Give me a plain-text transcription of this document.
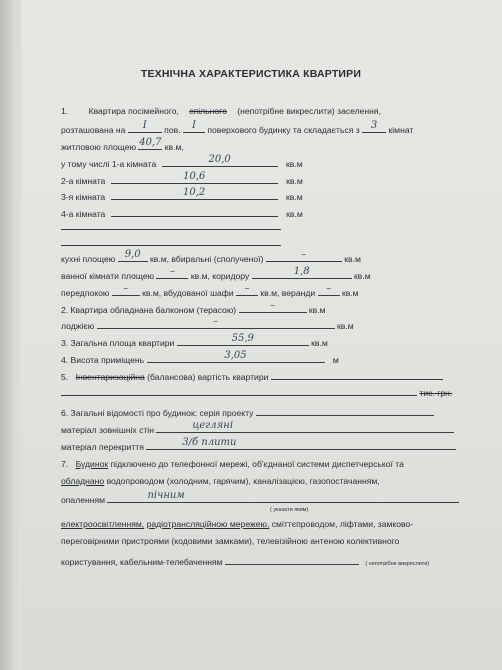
ТЕХНІЧНА ХАРАКТЕРИСТИКА КВАРТИРИ
1. Квартира посімейного, спільного (непотрібне викреслити) заселення,
розташована на	I	пов.	I	поверхового будинку та складається з	3	кімнат
житловою площею 40,7 кв.м,
у тому числі 1-а кімната	20,0	кв.м
2-а кімната	10,6	кв.м
3-я кімната	10,2	кв.м
4-а кімната	кв.м
кухні площею 9,0	кв.м, вбиральні (сполученої)	–	кв.м
ванної кімнати площею	–	кв.м, коридору	1,8	кв.м
передпокою	–	кв.м, вбудованої шафи	–	кв.м, веранди	–	кв.м
2. Квартира обладнана балконом (терасою)	–	кв.м
лоджією	–	кв.м
3. Загальна площа квартири	55,9	кв.м
4. Висота приміщень	3,05	м
5. Інвентаризаційна (балансова) вартість квартири
тис. грн.
6. Загальні відомості про будинок: серія проекту
матеріал зовнішніх стін	цегляні
матеріал перекриття	3/б плити
7. Будинок підключено до телефонної мережі, об'єднаної системи диспетчерської та
обладнано водопроводом (холодним, гарячим), каналізацією, газопостачанням,
опаленням	пічним
( указати яким)
електроосвітленням, радіотрансляційною мережею, сміттєпроводом, ліфтами, замково-
переговірними пристроями (кодовими замками), телевізійною антеною колективного
користування, кабельним-телебаченням	( непотрібне викреслити)
